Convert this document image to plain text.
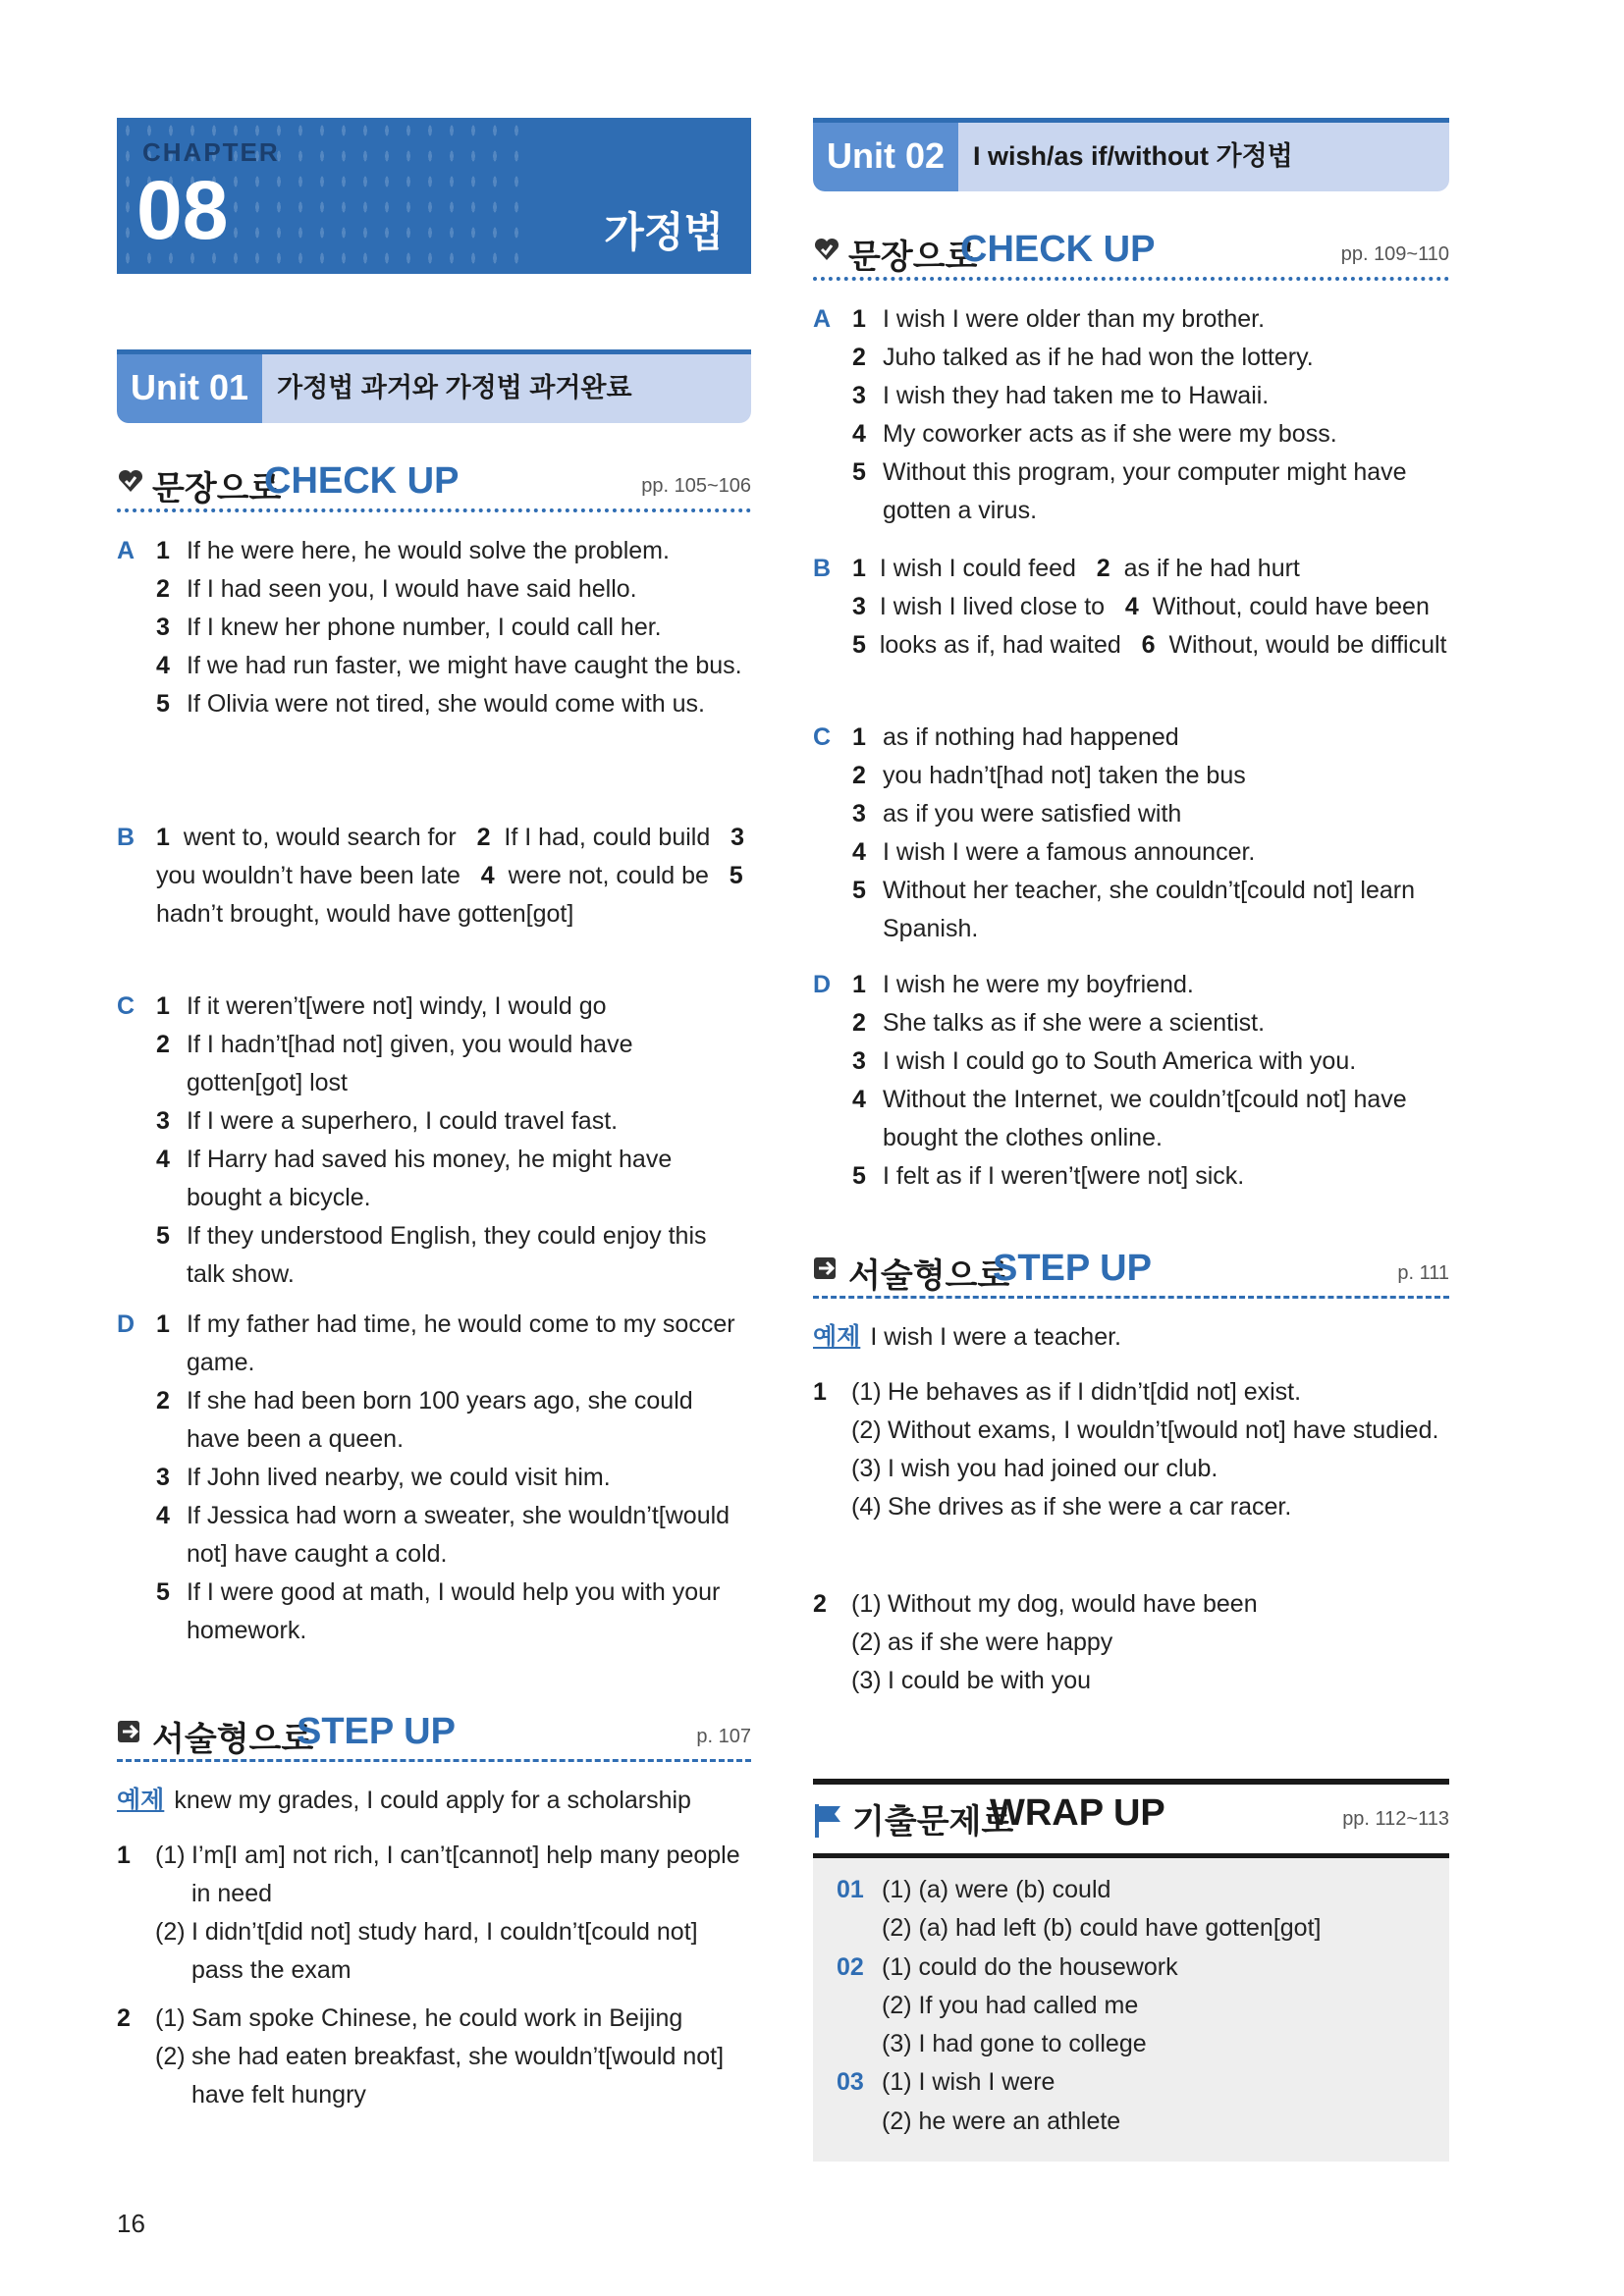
CHAPTER
08	가정법
Unit 01	가정법 과거와 가정법 과거완료
문장으로
CHECK UP	pp. 105~106
A 1 If he were here, he would solve the problem.
2 If I had seen you, I would have said hello.
3 If I knew her phone number, I could call her.
4 If we had run faster, we might have caught the bus.
5 If Olivia were not tired, she would come with us.
B 1 went to, would search for 2 If I had, could build 3  you wouldn’t have been late 4 were not, could be 5  hadn’t brought, would have gotten[got]
C 1 If it weren’t[were not] windy, I would go
2 If I hadn’t[had not] given, you would have gotten[got] lost
3 If I were a superhero, I could travel fast.
4 If Harry had saved his money, he might have bought a bicycle.
5 If they understood English, they could enjoy this talk show.
D 1 If my father had time, he would come to my soccer game.
2 If she had been born 100 years ago, she could have been a queen.
3 If John lived nearby, we could visit him.
4 If Jessica had worn a sweater, she wouldn’t[would not] have caught a cold.
5 If I were good at math, I would help you with your homework.
서술형으로
STEP UP	p. 107
예제 knew my grades, I could apply for a scholarship
1 (1) I’m[I am] not rich, I can’t[cannot] help many people in need
(2) I didn’t[did not] study hard, I couldn’t[could not] pass the exam
2 (1) Sam spoke Chinese, he could work in Beijing
(2) she had eaten breakfast, she wouldn’t[would not] have felt hungry
Unit 02	I wish/as if/without 가정법
문장으로
CHECK UP	pp. 109~110
A 1 I wish I were older than my brother.
2 Juho talked as if he had won the lottery.
3 I wish they had taken me to Hawaii.
4 My coworker acts as if she were my boss.
5 Without this program, your computer might have gotten a virus.
B 1 I wish I could feed 2 as if he had hurt
3 I wish I lived close to 4 Without, could have been
5 looks as if, had waited 6 Without, would be difficult
C 1 as if nothing had happened
2 you hadn’t[had not] taken the bus
3 as if you were satisfied with
4 I wish I were a famous announcer.
5 Without her teacher, she couldn’t[could not] learn Spanish.
D 1 I wish he were my boyfriend.
2 She talks as if she were a scientist.
3 I wish I could go to South America with you.
4 Without the Internet, we couldn’t[could not] have bought the clothes online.
5 I felt as if I weren’t[were not] sick.
서술형으로
STEP UP	p. 111
예제 I wish I were a teacher.
1 (1) He behaves as if I didn’t[did not] exist.
(2) Without exams, I wouldn’t[would not] have studied.
(3) I wish you had joined our club.
(4) She drives as if she were a car racer.
2 (1) Without my dog, would have been
(2) as if she were happy
(3) I could be with you
기출문제로
WRAP UP	pp. 112~113
01 (1) (a) were (b) could
(2) (a) had left (b) could have gotten[got]
02 (1) could do the housework
(2) If you had called me
(3) I had gone to college
03 (1) I wish I were
(2) he were an athlete
16
